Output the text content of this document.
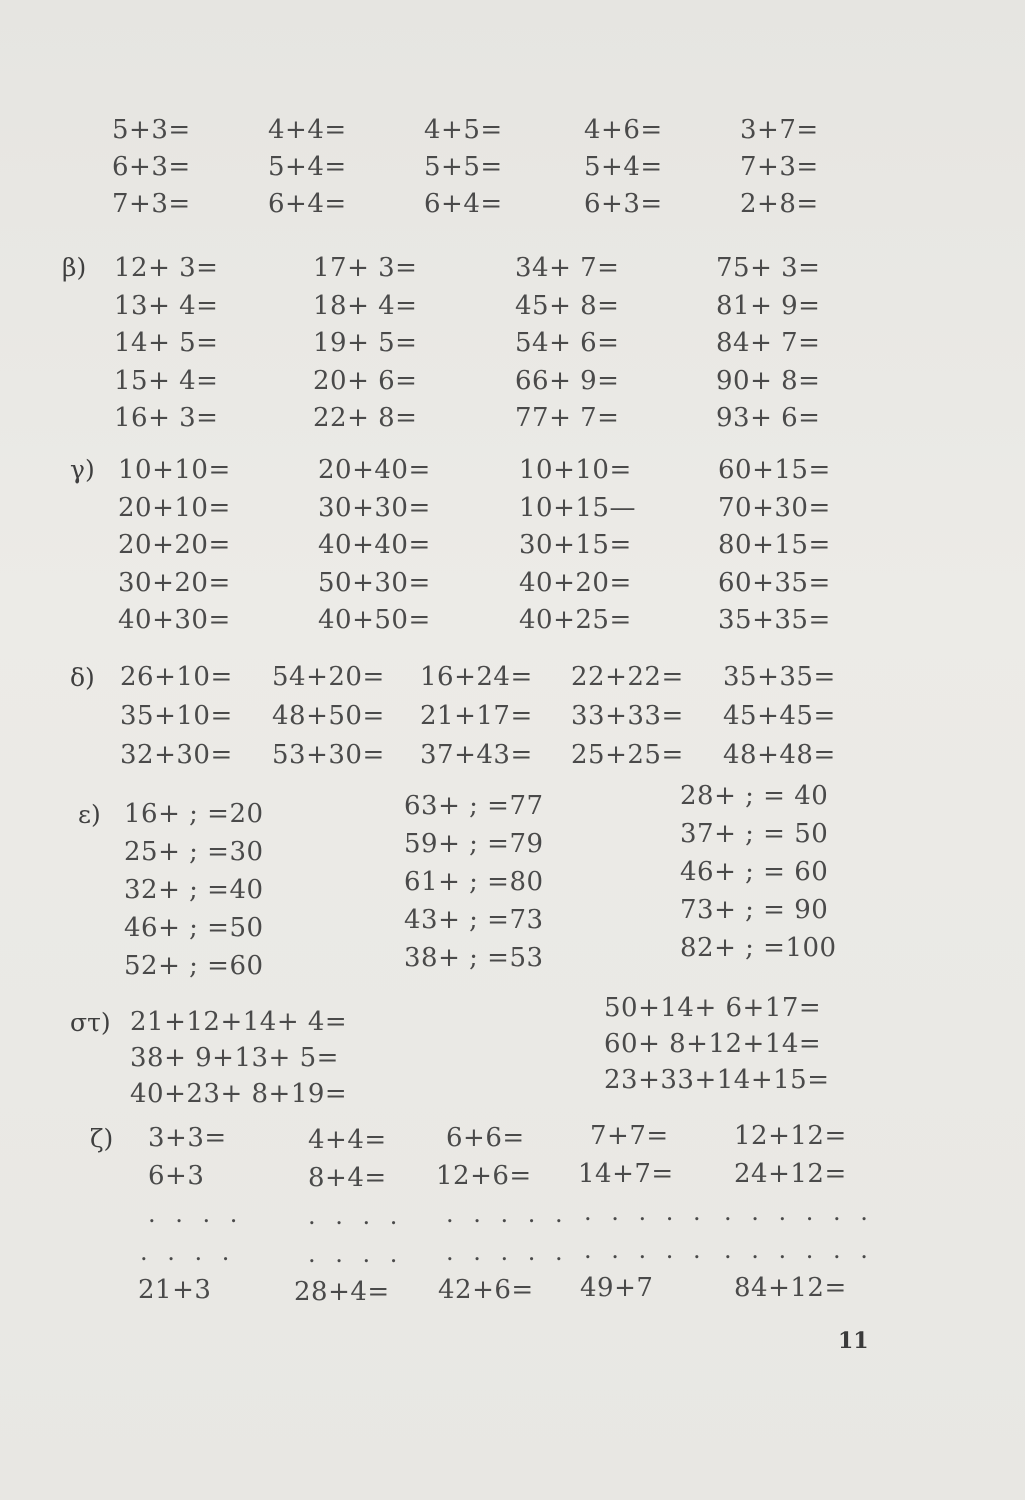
5+3=
6+3=
7+3=
4+4=
5+4=
6+4=
4+5=
5+5=
6+4=
4+6=
5+4=
6+3=
3+7=
7+3=
2+8=
β) 12+ 3=
13+ 4=
14+ 5=
15+ 4=
16+ 3=
17+ 3=
18+ 4=
19+ 5=
20+ 6=
22+ 8=
34+ 7=
45+ 8=
54+ 6=
66+ 9=
77+ 7=
75+ 3=
81+ 9=
84+ 7=
90+ 8=
93+ 6=
γ) 10+10=
20+10=
20+20=
30+20=
40+30=
20+40=
30+30=
40+40=
50+30=
40+50=
10+10=
10+15—
30+15=
40+20=
40+25=
60+15=
70+30=
80+15=
60+35=
35+35=
δ) 26+10=
35+10=
32+30=
54+20=
48+50=
53+30=
16+24=
21+17=
37+43=
22+22=
33+33=
25+25=
35+35=
45+45=
48+48=
ε) 16+ ; =20
25+ ; =30
32+ ; =40
46+ ; =50
52+ ; =60
63+ ; =77
59+ ; =79
61+ ; =80
43+ ; =73
38+ ; =53
28+ ; = 40
37+ ; = 50
46+ ; = 60
73+ ; = 90
82+ ; =100
στ) 21+12+14+ 4=
38+ 9+13+ 5=
40+23+ 8+19=
50+14+ 6+17=
60+ 8+12+14=
23+33+14+15=
ζ) 3+3=
6+3
. . . .
. . . .
21+3
4+4=
8+4=
. . . .
. . . .
28+4=
6+6=
12+6=
. . . . .
. . . . .
42+6=
7+7=
14+7=
. . . . .
. . . . .
49+7
12+12=
24+12=
. . . . . .
. . . . . .
84+12=
11
